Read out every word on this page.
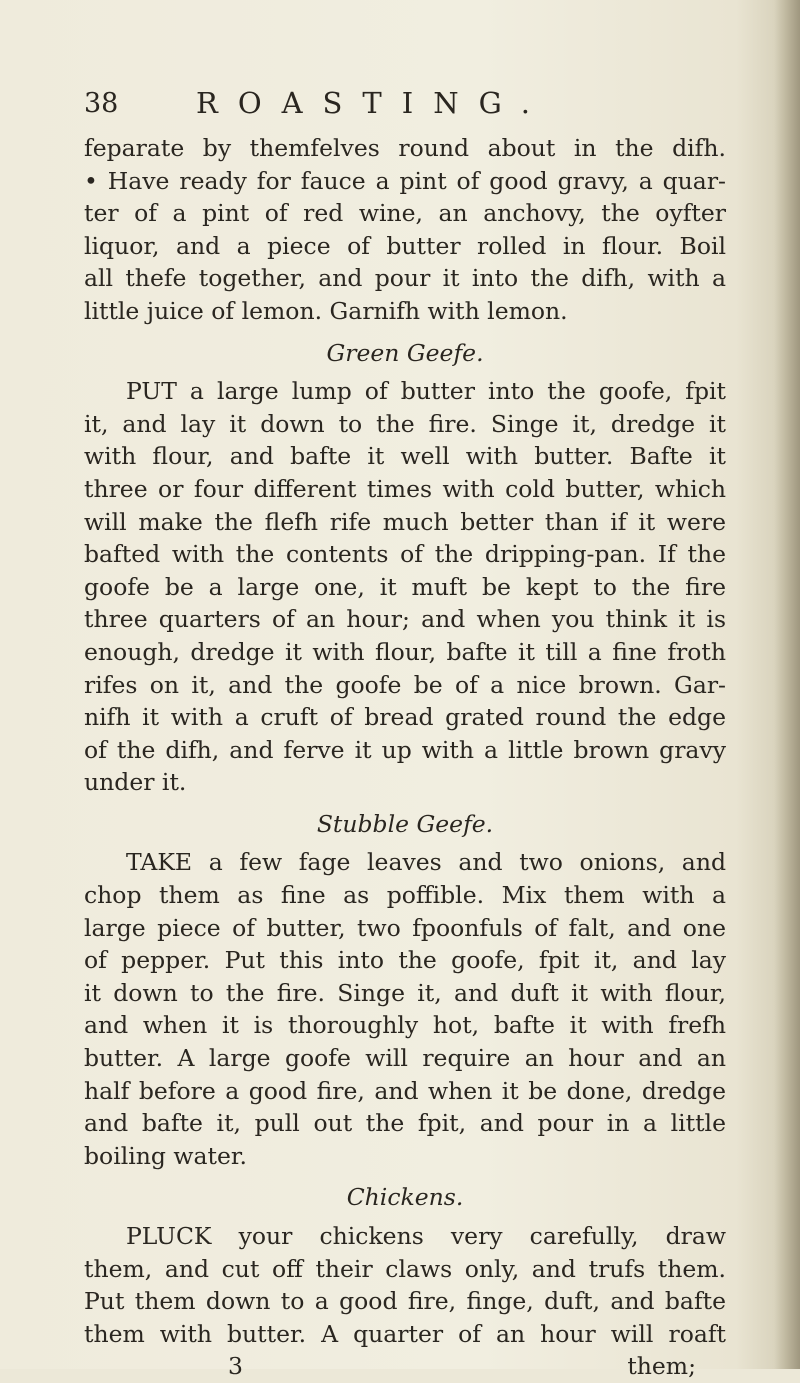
38	ROASTING.
feparate by themfelves round about in the difh.
• Have ready for fauce a pint of good gravy, a quar-
ter of a pint of red wine, an anchovy, the oyfter
liquor, and a piece of butter rolled in flour. Boil
all thefe together, and pour it into the difh, with a
little juice of lemon. Garnifh with lemon.
Green Geefe.
PUT a large lump of butter into the goofe, fpit
it, and lay it down to the fire. Singe it, dredge it
with flour, and bafte it well with butter. Bafte it
three or four different times with cold butter, which
will make the flefh rife much better than if it were
bafted with the contents of the dripping-pan. If the
goofe be a large one, it muft be kept to the fire
three quarters of an hour; and when you think it is
enough, dredge it with flour, bafte it till a fine froth
rifes on it, and the goofe be of a nice brown. Gar-
nifh it with a cruft of bread grated round the edge
of the difh, and ferve it up with a little brown gravy
under it.
Stubble Geefe.
TAKE a few fage leaves and two onions, and
chop them as fine as poffible. Mix them with a
large piece of butter, two fpoonfuls of falt, and one
of pepper. Put this into the goofe, fpit it, and lay
it down to the fire. Singe it, and duft it with flour,
and when it is thoroughly hot, bafte it with frefh
butter. A large goofe will require an hour and an
half before a good fire, and when it be done, dredge
and bafte it, pull out the fpit, and pour in a little
boiling water.
Chickens.
PLUCK your chickens very carefully, draw
them, and cut off their claws only, and trufs them.
Put them down to a good fire, finge, duft, and bafte
them with butter. A quarter of an hour will roaft
3	them;
